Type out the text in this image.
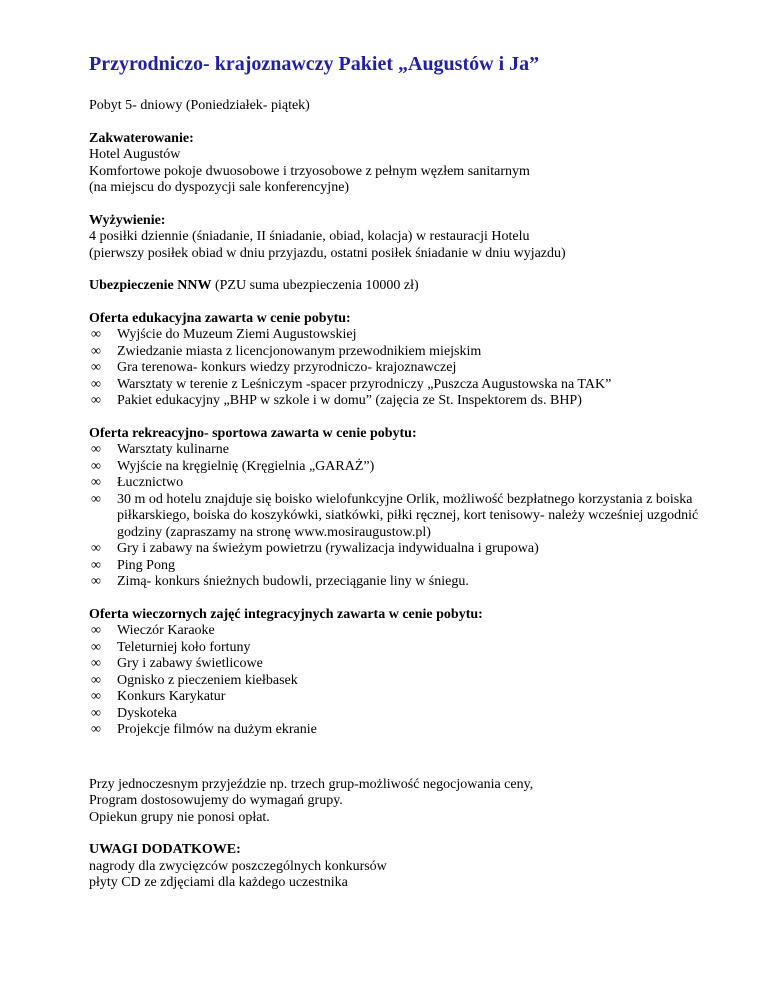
Przyrodniczo- krajoznawczy Pakiet „Augustów i Ja”

Pobyt 5- dniowy (Poniedziałek- piątek)

Zakwaterowanie:

Hotel Augustów

Komfortowe pokoje dwuosobowe i trzyosobowe z pełnym węzłem sanitarnym

(na miejscu do dyspozycji sale konferencyjne)

Wyżywienie:

4 posiłki dziennie (śniadanie, II śniadanie, obiad, kolacja) w restauracji Hotelu

(pierwszy posiłek obiad w dniu przyjazdu, ostatni posiłek śniadanie w dniu wyjazdu)

Ubezpieczenie NNW (PZU suma ubezpieczenia 10000 zł)

Oferta edukacyjna zawarta w cenie pobytu:

∞ Wyjście do Muzeum Ziemi Augustowskiej
∞ Zwiedzanie miasta z licencjonowanym przewodnikiem miejskim
∞ Gra terenowa- konkurs wiedzy przyrodniczo- krajoznawczej
∞ Warsztaty w terenie z Leśniczym -spacer przyrodniczy „Puszcza Augustowska na TAK”
∞ Pakiet edukacyjny „BHP w szkole i w domu” (zajęcia ze St. Inspektorem ds. BHP)

Oferta rekreacyjno- sportowa zawarta w cenie pobytu:

∞ Warsztaty kulinarne
∞ Wyjście na kręgielnię (Kręgielnia „GARAŻ”)
∞ Łucznictwo
∞ 30 m od hotelu znajduje się boisko wielofunkcyjne Orlik, możliwość bezpłatnego korzystania z boiska piłkarskiego, boiska do koszykówki, siatkówki, piłki ręcznej, kort tenisowy- należy wcześniej uzgodnić godziny (zapraszamy na stronę www.mosiraugustow.pl)
∞ Gry i zabawy na świeżym powietrzu (rywalizacja indywidualna i grupowa)
∞ Ping Pong
∞ Zimą- konkurs śnieżnych budowli, przeciąganie liny w śniegu.

Oferta wieczornych zajęć integracyjnych zawarta w cenie pobytu:

∞ Wieczór Karaoke
∞ Teleturniej koło fortuny
∞ Gry i zabawy świetlicowe
∞ Ognisko z pieczeniem kiełbasek
∞ Konkurs Karykatur
∞ Dyskoteka
∞ Projekcje filmów na dużym ekranie

Przy jednoczesnym przyjeździe np. trzech grup-możliwość negocjowania ceny,

Program dostosowujemy do wymagań grupy.

Opiekun grupy nie ponosi opłat.

UWAGI DODATKOWE:

nagrody dla zwycięzców poszczególnych konkursów

płyty CD ze zdjęciami dla każdego uczestnika
